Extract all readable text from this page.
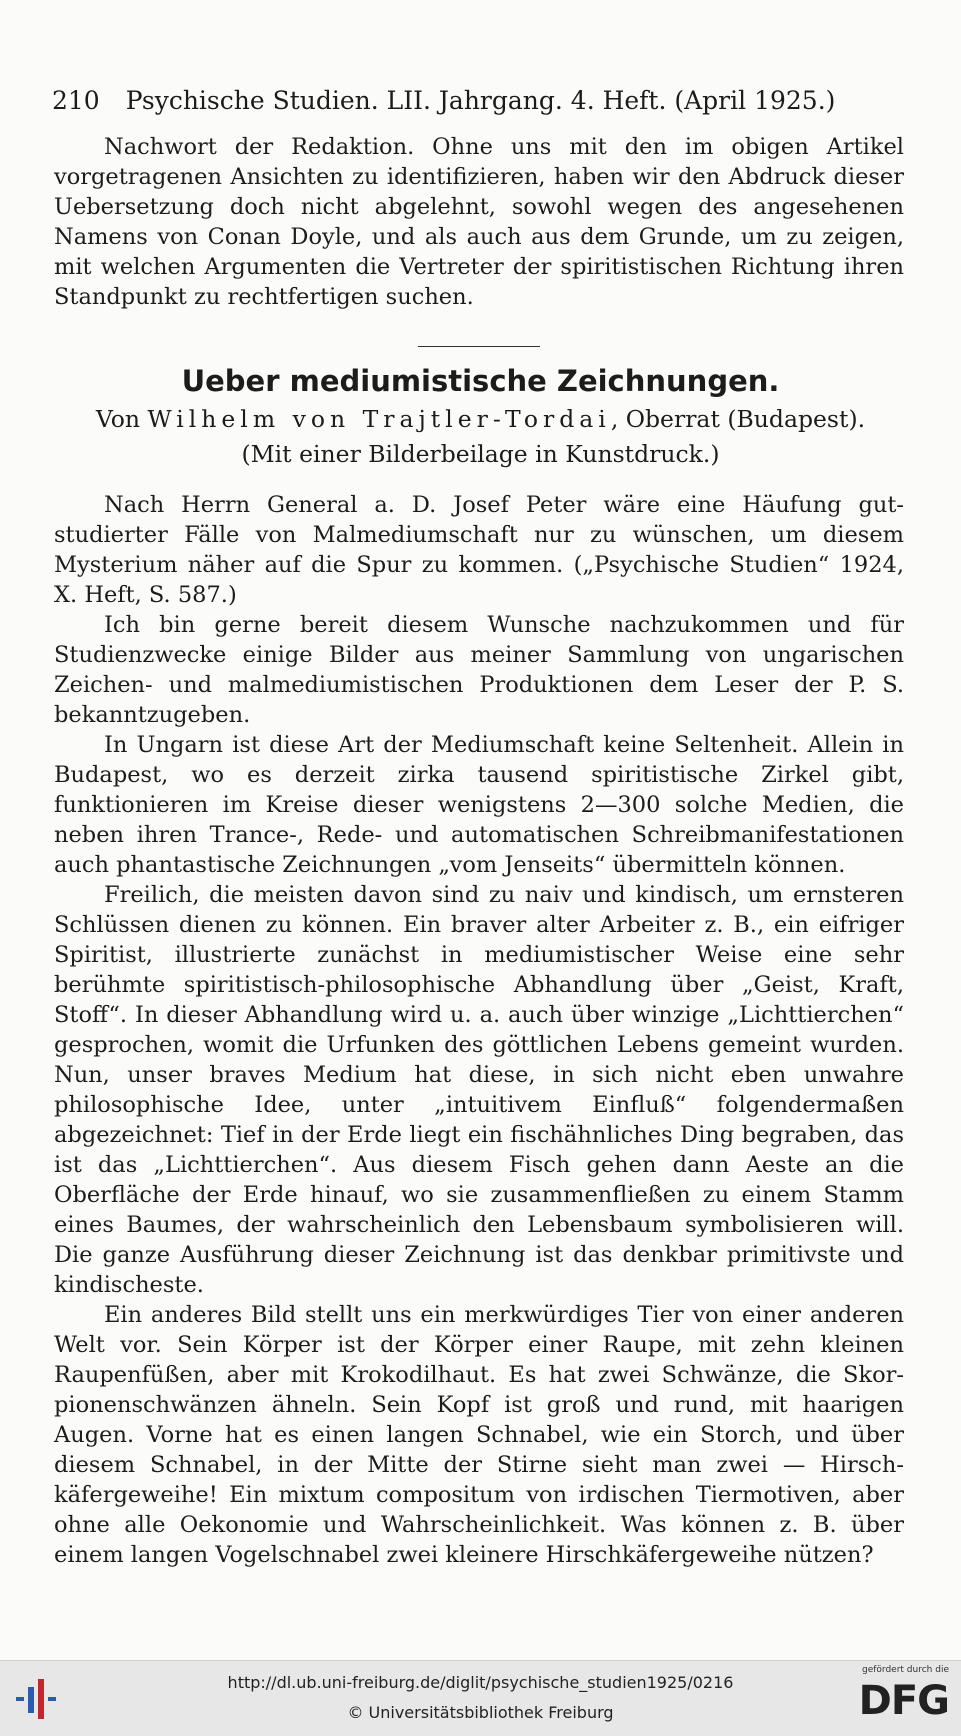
210 Psychische Studien. LII. Jahrgang. 4. Heft. (April 1925.)

Nachwort der Redaktion. Ohne uns mit den im obigen Artikel vorgetragenen Ansichten zu identifizieren, haben wir den Abdruck dieser Uebersetzung doch nicht abgelehnt, sowohl wegen des angesehenen Namens von Conan Doyle, und als auch aus dem Grunde, um zu zeigen, mit welchen Argumenten die Vertreter der spiritistischen Richtung ihren Standpunkt zu rechtfertigen suchen.

Ueber mediumistische Zeichnungen.
Von Wilhelm von Trajtler-Tordai, Oberrat (Budapest).
(Mit einer Bilderbeilage in Kunstdruck.)

Nach Herrn General a. D. Josef Peter wäre eine Häufung gutstudierter Fälle von Malmediumschaft nur zu wünschen, um diesem Mysterium näher auf die Spur zu kommen. („Psychische Studien“ 1924, X. Heft, S. 587.)

Ich bin gerne bereit diesem Wunsche nachzukommen und für Studienzwecke einige Bilder aus meiner Sammlung von ungarischen Zeichen- und malmediumistischen Produktionen dem Leser der P. S. bekanntzugeben.

In Ungarn ist diese Art der Mediumschaft keine Seltenheit. Allein in Budapest, wo es derzeit zirka tausend spiritistische Zirkel gibt, funktionieren im Kreise dieser wenigstens 2—300 solche Medien, die neben ihren Trance-, Rede- und automatischen Schreibmanifestationen auch phantastische Zeichnungen „vom Jenseits“ übermitteln können.

Freilich, die meisten davon sind zu naiv und kindisch, um ernsteren Schlüssen dienen zu können. Ein braver alter Arbeiter z. B., ein eifriger Spiritist, illustrierte zunächst in mediumistischer Weise eine sehr berühmte spiritistisch-philosophische Abhandlung über „Geist, Kraft, Stoff“. In dieser Abhandlung wird u. a. auch über winzige „Lichttierchen“ gesprochen, womit die Urfunken des göttlichen Lebens gemeint wurden. Nun, unser braves Medium hat diese, in sich nicht eben unwahre philosophische Idee, unter „intuitivem Einfluß“ folgendermaßen abgezeichnet: Tief in der Erde liegt ein fischähnliches Ding begraben, das ist das „Lichttierchen“. Aus diesem Fisch gehen dann Aeste an die Oberfläche der Erde hinauf, wo sie zusammenfließen zu einem Stamm eines Baumes, der wahrscheinlich den Lebensbaum symbolisieren will. Die ganze Ausführung dieser Zeichnung ist das denkbar primitivste und kindischeste.

Ein anderes Bild stellt uns ein merkwürdiges Tier von einer anderen Welt vor. Sein Körper ist der Körper einer Raupe, mit zehn kleinen Raupenfüßen, aber mit Krokodilhaut. Es hat zwei Schwänze, die Skorpionenschwänzen ähneln. Sein Kopf ist groß und rund, mit haarigen Augen. Vorne hat es einen langen Schnabel, wie ein Storch, und über diesem Schnabel, in der Mitte der Stirne sieht man zwei — Hirschkäfergeweihe! Ein mixtum compositum von irdischen Tiermotiven, aber ohne alle Oekonomie und Wahrscheinlichkeit. Was können z. B. über einem langen Vogelschnabel zwei kleinere Hirschkäfergeweihe nützen?

http://dl.ub.uni-freiburg.de/diglit/psychische_studien1925/0216
© Universitätsbibliothek Freiburg
gefördert durch die
DFG
